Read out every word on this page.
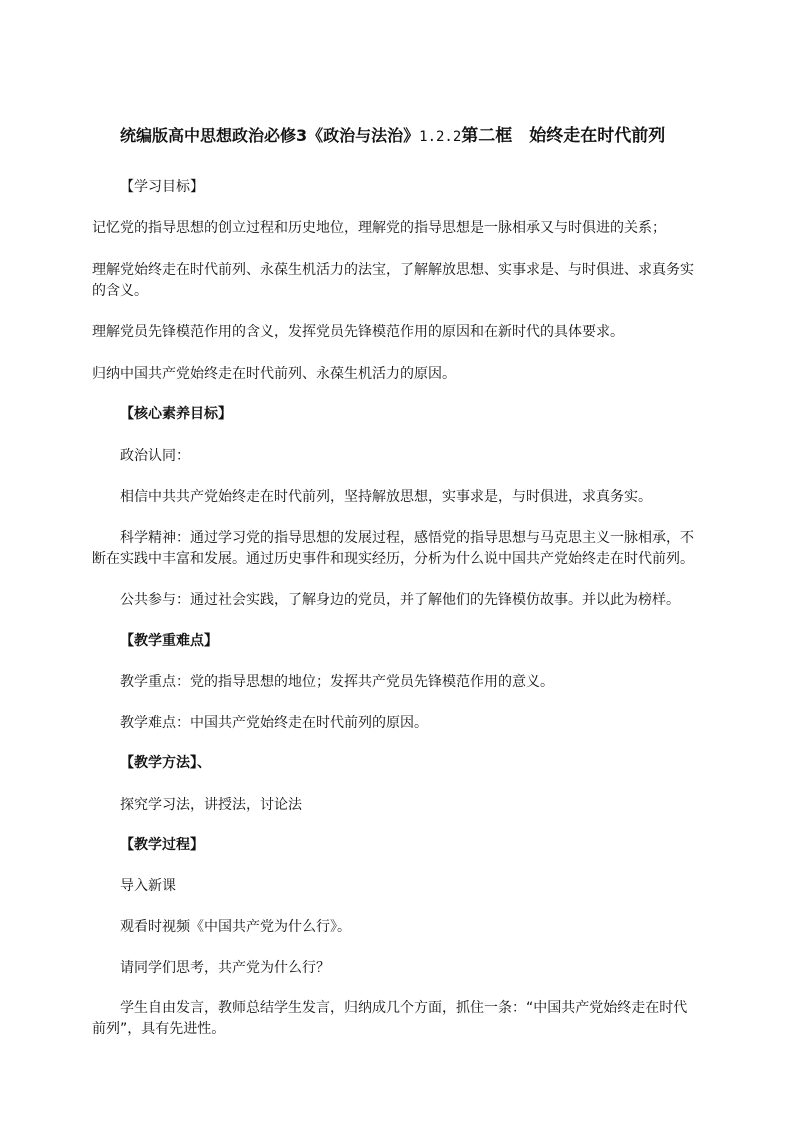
统编版高中思想政治必修3《政治与法治》1.2.2第二框　始终走在时代前列
【学习目标】
记忆党的指导思想的创立过程和历史地位，理解党的指导思想是一脉相承又与时俱进的关系；
理解党始终走在时代前列、永葆生机活力的法宝，了解解放思想、实事求是、与时俱进、求真务实的含义。
理解党员先锋模范作用的含义，发挥党员先锋模范作用的原因和在新时代的具体要求。
归纳中国共产党始终走在时代前列、永葆生机活力的原因。
【核心素养目标】
政治认同：
相信中共共产党始终走在时代前列，坚持解放思想，实事求是，与时俱进，求真务实。
科学精神：通过学习党的指导思想的发展过程，感悟党的指导思想与马克思主义一脉相承，不断在实践中丰富和发展。通过历史事件和现实经历，分析为什么说中国共产党始终走在时代前列。
公共参与：通过社会实践，了解身边的党员，并了解他们的先锋模仿故事。并以此为榜样。
【教学重难点】
教学重点：党的指导思想的地位；发挥共产党员先锋模范作用的意义。
教学难点：中国共产党始终走在时代前列的原因。
【教学方法】、
探究学习法，讲授法，讨论法
【教学过程】
导入新课
观看时视频《中国共产党为什么行》。
请同学们思考，共产党为什么行？
学生自由发言，教师总结学生发言，归纳成几个方面，抓住一条：“中国共产党始终走在时代前列”，具有先进性。
